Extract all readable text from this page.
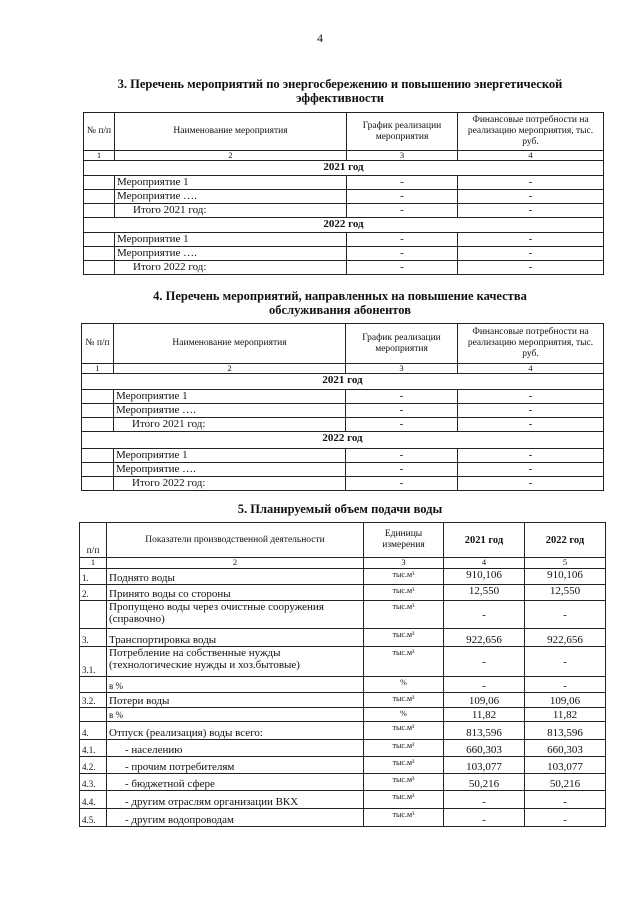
4
3. Перечень мероприятий по энергосбережению и повышению энергетической
эффективности
№ п/п	Наименование мероприятия	График реализации мероприятия	Финансовые потребности на реализацию мероприятия, тыс. руб.
1	2	3	4
2021 год			
	Мероприятие 1	-	-
	Мероприятие ….	-	-
	Итого 2021 год:	-	-
2022 год			
	Мероприятие 1	-	-
	Мероприятие ….	-	-
	Итого 2022 год:	-	-
4. Перечень мероприятий, направленных на повышение качества
обслуживания абонентов
№ п/п	Наименование мероприятия	График реализации мероприятия	Финансовые потребности на реализацию мероприятия, тыс. руб.
1	2	3	4
2021 год			
	Мероприятие 1	-	-
	Мероприятие ….	-	-
	Итого 2021 год:	-	-
2022 год			
	Мероприятие 1	-	-
	Мероприятие ….	-	-
	Итого 2022 год:	-	-
5. Планируемый объем подачи воды
п/п	Показатели производственной деятельности	Единицы измерения	2021 год	2022 год
1	2	3	4	5
1.	Поднято воды	тыс.м³	910,106	910,106
2.	Принято воды со стороны	тыс.м³	12,550	12,550
	Пропущено воды через очистные сооружения (справочно)	тыс.м³	-	-
3.	Транспортировка воды	тыс.м³	922,656	922,656
3.1.	Потребление на собственные нужды (технологические нужды и хоз.бытовые)	тыс.м³	-	-
	в %	%	-	-
3.2.	Потери воды	тыс.м³	109,06	109,06
	в %	%	11,82	11,82
4.	Отпуск (реализация) воды всего:	тыс.м³	813,596	813,596
4.1.	- населению	тыс.м³	660,303	660,303
4.2.	- прочим потребителям	тыс.м³	103,077	103,077
4.3.	- бюджетной сфере	тыс.м³	50,216	50,216
4.4.	- другим отраслям организации ВКХ	тыс.м³	-	-
4.5.	- другим водопроводам	тыс.м³	-	-
